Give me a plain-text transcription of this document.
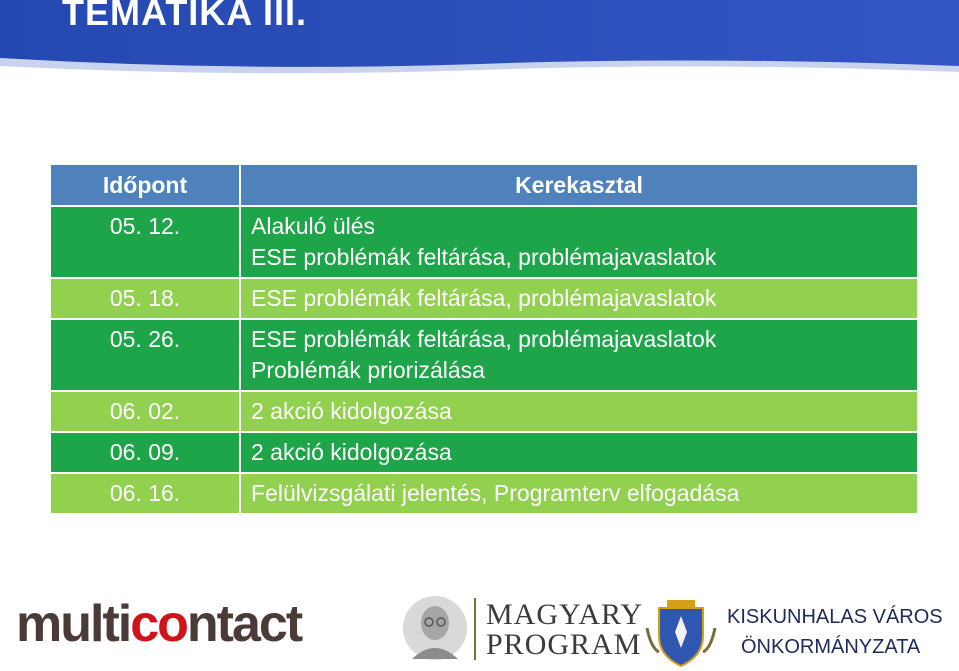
TEMATIKA III.
Időpont	Kerekasztal
05. 12.	Alakuló ülés
ESE problémák feltárása, problémajavaslatok

05. 18.	ESE problémák feltárása, problémajavaslatok

05. 26.	ESE problémák feltárása, problémajavaslatok
Problémák priorizálása

06. 02.	2 akció kidolgozása

06. 09.	2 akció kidolgozása

06. 16.	Felülvizsgálati jelentés, Programterv elfogadása
multicontact	MAGYARY
PROGRAM
KISKUNHALAS VÁROS
ÖNKORMÁNYZATA
